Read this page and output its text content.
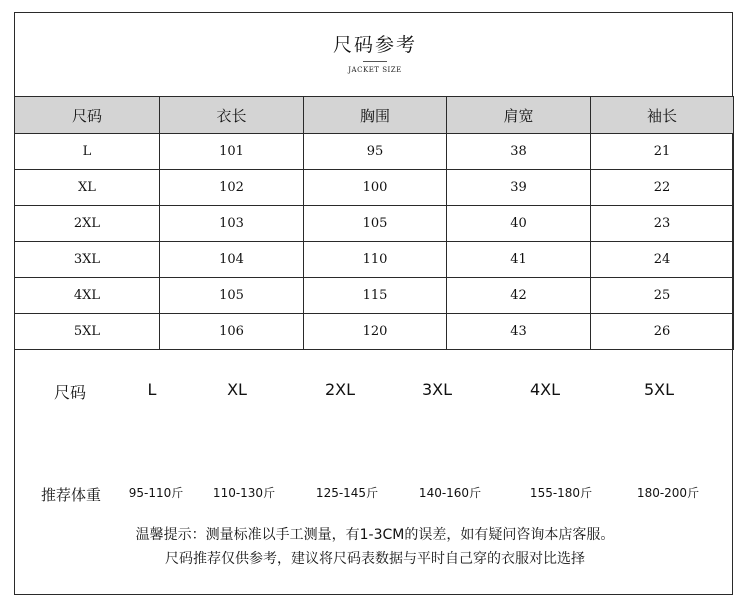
尺码参考
JACKET SIZE
尺码	衣长	胸围	肩宽	袖长
L	101	95	38	21
XL	102	100	39	22
2XL	103	105	40	23
3XL	104	110	41	24
4XL	105	115	42	25
5XL	106	120	43	26
尺码	L	XL	2XL	3XL	4XL	5XL
推荐体重 95-110斤 110-130斤	125-145斤	140-160斤	155-180斤	180-200斤
温馨提示：测量标准以手工测量，有1-3CM的误差，如有疑问咨询本店客服。
尺码推荐仅供参考，建议将尺码表数据与平时自己穿的衣服对比选择
